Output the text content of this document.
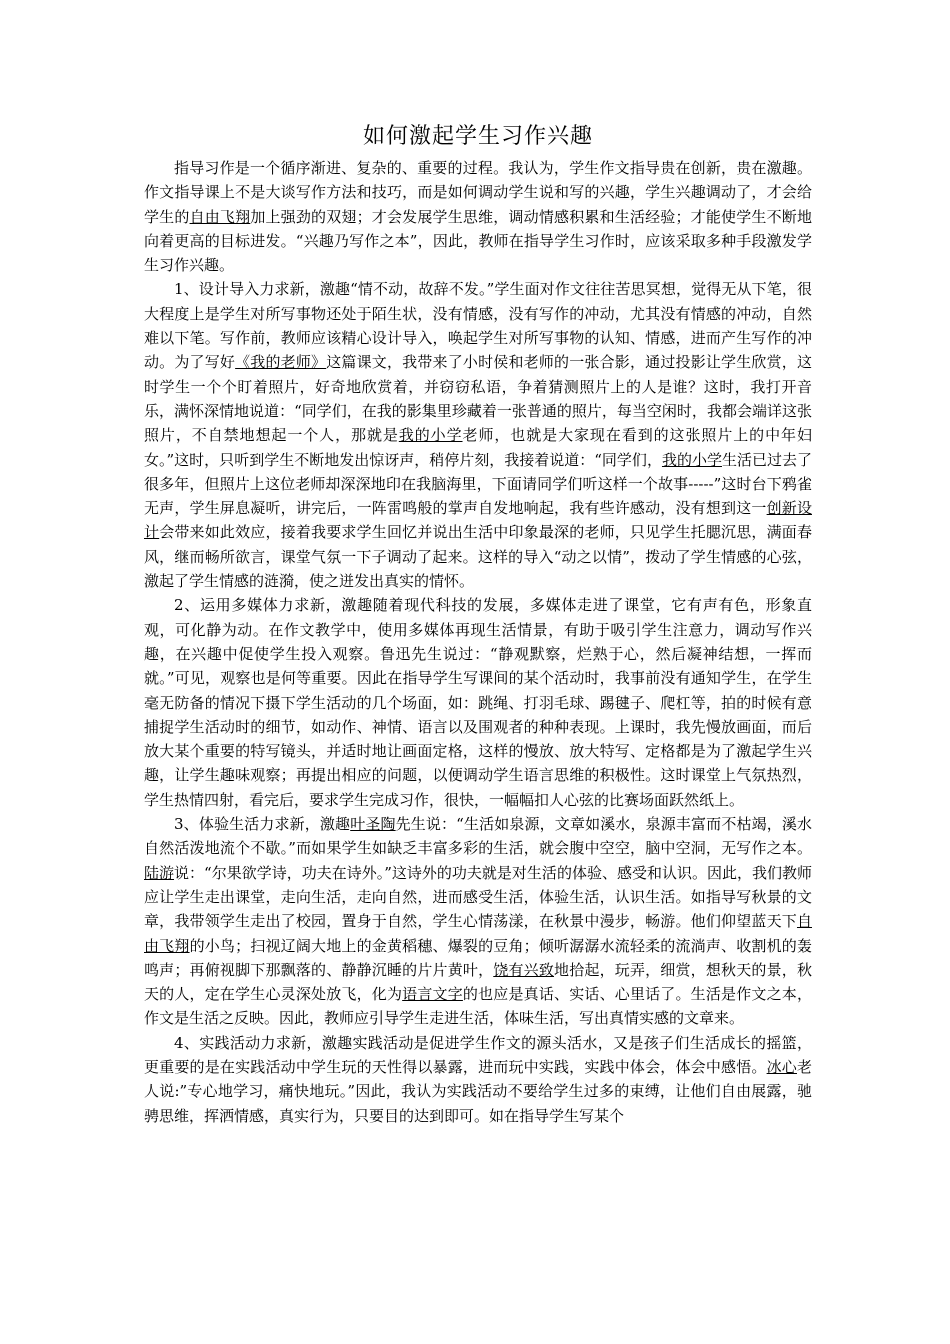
如何激起学生习作兴趣

指导习作是一个循序渐进、复杂的、重要的过程。我认为，学生作文指导贵在创新，贵在激趣。作文指导课上不是大谈写作方法和技巧，而是如何调动学生说和写的兴趣，学生兴趣调动了，才会给学生的自由飞翔加上强劲的双翅；才会发展学生思维，调动情感积累和生活经验；才能使学生不断地向着更高的目标进发。“兴趣乃写作之本”，因此，教师在指导学生习作时，应该采取多种手段激发学生习作兴趣。

1、设计导入力求新，激趣“情不动，故辞不发。”学生面对作文往往苦思冥想，觉得无从下笔，很大程度上是学生对所写事物还处于陌生状，没有情感，没有写作的冲动，尤其没有情感的冲动，自然难以下笔。写作前，教师应该精心设计导入，唤起学生对所写事物的认知、情感，进而产生写作的冲动。为了写好《我的老师》这篇课文，我带来了小时侯和老师的一张合影，通过投影让学生欣赏，这时学生一个个盯着照片，好奇地欣赏着，并窃窃私语，争着猜测照片上的人是谁？这时，我打开音乐，满怀深情地说道：“同学们，在我的影集里珍藏着一张普通的照片，每当空闲时，我都会端详这张照片，不自禁地想起一个人，那就是我的小学老师，也就是大家现在看到的这张照片上的中年妇女。”这时，只听到学生不断地发出惊讶声，稍停片刻，我接着说道：“同学们，我的小学生活已过去了很多年，但照片上这位老师却深深地印在我脑海里，下面请同学们听这样一个故事-----”这时台下鸦雀无声，学生屏息凝听，讲完后，一阵雷鸣般的掌声自发地响起，我有些许感动，没有想到这一创新设计会带来如此效应，接着我要求学生回忆并说出生活中印象最深的老师，只见学生托腮沉思，满面春风，继而畅所欲言，课堂气氛一下子调动了起来。这样的导入“动之以情”，拨动了学生情感的心弦，激起了学生情感的涟漪，使之迸发出真实的情怀。

2、运用多媒体力求新，激趣随着现代科技的发展，多媒体走进了课堂，它有声有色，形象直观，可化静为动。在作文教学中，使用多媒体再现生活情景，有助于吸引学生注意力，调动写作兴趣，在兴趣中促使学生投入观察。鲁迅先生说过：“静观默察，烂熟于心，然后凝神结想，一挥而就。”可见，观察也是何等重要。因此在指导学生写课间的某个活动时，我事前没有通知学生，在学生毫无防备的情况下摄下学生活动的几个场面，如：跳绳、打羽毛球、踢毽子、爬杠等，拍的时候有意捕捉学生活动时的细节，如动作、神情、语言以及围观者的种种表现。上课时，我先慢放画面，而后放大某个重要的特写镜头，并适时地让画面定格，这样的慢放、放大特写、定格都是为了激起学生兴趣，让学生趣味观察；再提出相应的问题，以便调动学生语言思维的积极性。这时课堂上气氛热烈，学生热情四射，看完后，要求学生完成习作，很快，一幅幅扣人心弦的比赛场面跃然纸上。

3、体验生活力求新，激趣叶圣陶先生说：“生活如泉源，文章如溪水，泉源丰富而不枯竭，溪水自然活泼地流个不歇。”而如果学生如缺乏丰富多彩的生活，就会腹中空空，脑中空洞，无写作之本。陆游说：“尔果欲学诗，功夫在诗外。”这诗外的功夫就是对生活的体验、感受和认识。因此，我们教师应让学生走出课堂，走向生活，走向自然，进而感受生活，体验生活，认识生活。如指导写秋景的文章，我带领学生走出了校园，置身于自然，学生心情荡漾，在秋景中漫步，畅游。他们仰望蓝天下自由飞翔的小鸟；扫视辽阔大地上的金黄稻穗、爆裂的豆角；倾听潺潺水流轻柔的流淌声、收割机的轰鸣声；再俯视脚下那飘落的、静静沉睡的片片黄叶，饶有兴致地拾起，玩弄，细赏，想秋天的景，秋天的人，定在学生心灵深处放飞，化为语言文字的也应是真话、实话、心里话了。生活是作文之本，作文是生活之反映。因此，教师应引导学生走进生活，体味生活，写出真情实感的文章来。

4、实践活动力求新，激趣实践活动是促进学生作文的源头活水，又是孩子们生活成长的摇篮，更重要的是在实践活动中学生玩的天性得以暴露，进而玩中实践，实践中体会，体会中感悟。冰心老人说:”专心地学习，痛快地玩。”因此，我认为实践活动不要给学生过多的束缚，让他们自由展露，驰骋思维，挥洒情感，真实行为，只要目的达到即可。如在指导学生写某个
